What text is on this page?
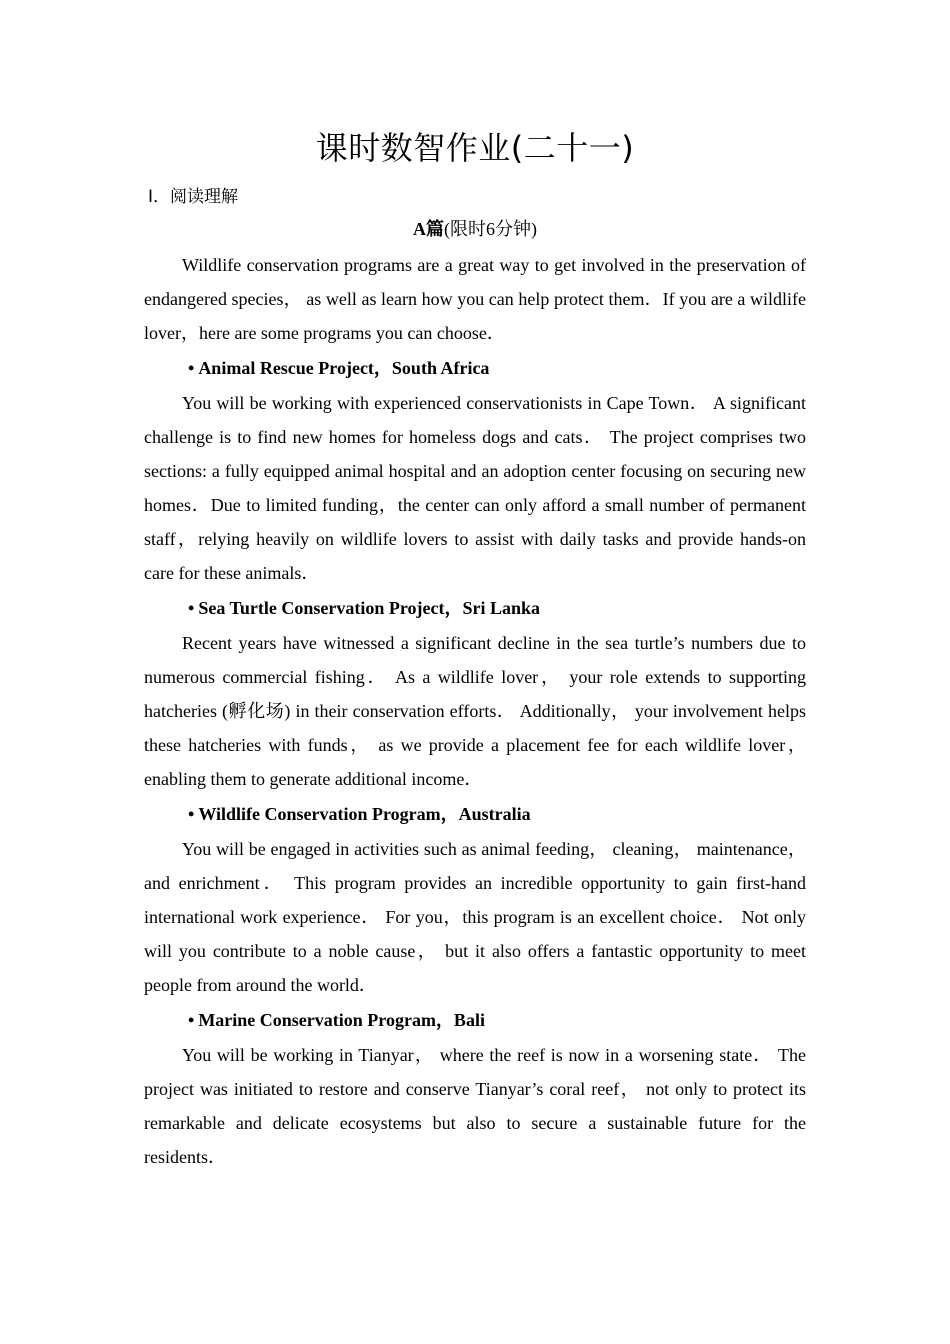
课时数智作业(二十一)
Ⅰ．阅读理解
A篇(限时6分钟)

Wildlife conservation programs are a great way to get involved in the preservation of endangered species， as well as learn how you can help protect them．If you are a wildlife lover，here are some programs you can choose．

• Animal Rescue Project，South Africa

You will be working with experienced conservationists in Cape Town． A significant challenge is to find new homes for homeless dogs and cats． The project comprises two sections: a fully equipped animal hospital and an adoption center focusing on securing new homes．Due to limited funding，the center can only afford a small number of permanent staff，relying heavily on wildlife lovers to assist with daily tasks and provide hands-on care for these animals．

• Sea Turtle Conservation Project，Sri Lanka

Recent years have witnessed a significant decline in the sea turtle’s numbers due to numerous commercial fishing． As a wildlife lover， your role extends to supporting hatcheries (孵化场) in their conservation efforts． Additionally， your involvement helps these hatcheries with funds， as we provide a placement fee for each wildlife lover，enabling them to generate additional income．

• Wildlife Conservation Program，Australia

You will be engaged in activities such as animal feeding， cleaning， maintenance， and enrichment． This program provides an incredible opportunity to gain first-hand international work experience． For you，this program is an excellent choice． Not only will you contribute to a noble cause， but it also offers a fantastic opportunity to meet people from around the world．

• Marine Conservation Program，Bali

You will be working in Tianyar， where the reef is now in a worsening state． The project was initiated to restore and conserve Tianyar’s coral reef， not only to protect its remarkable and delicate ecosystems but also to secure a sustainable future for the residents．
